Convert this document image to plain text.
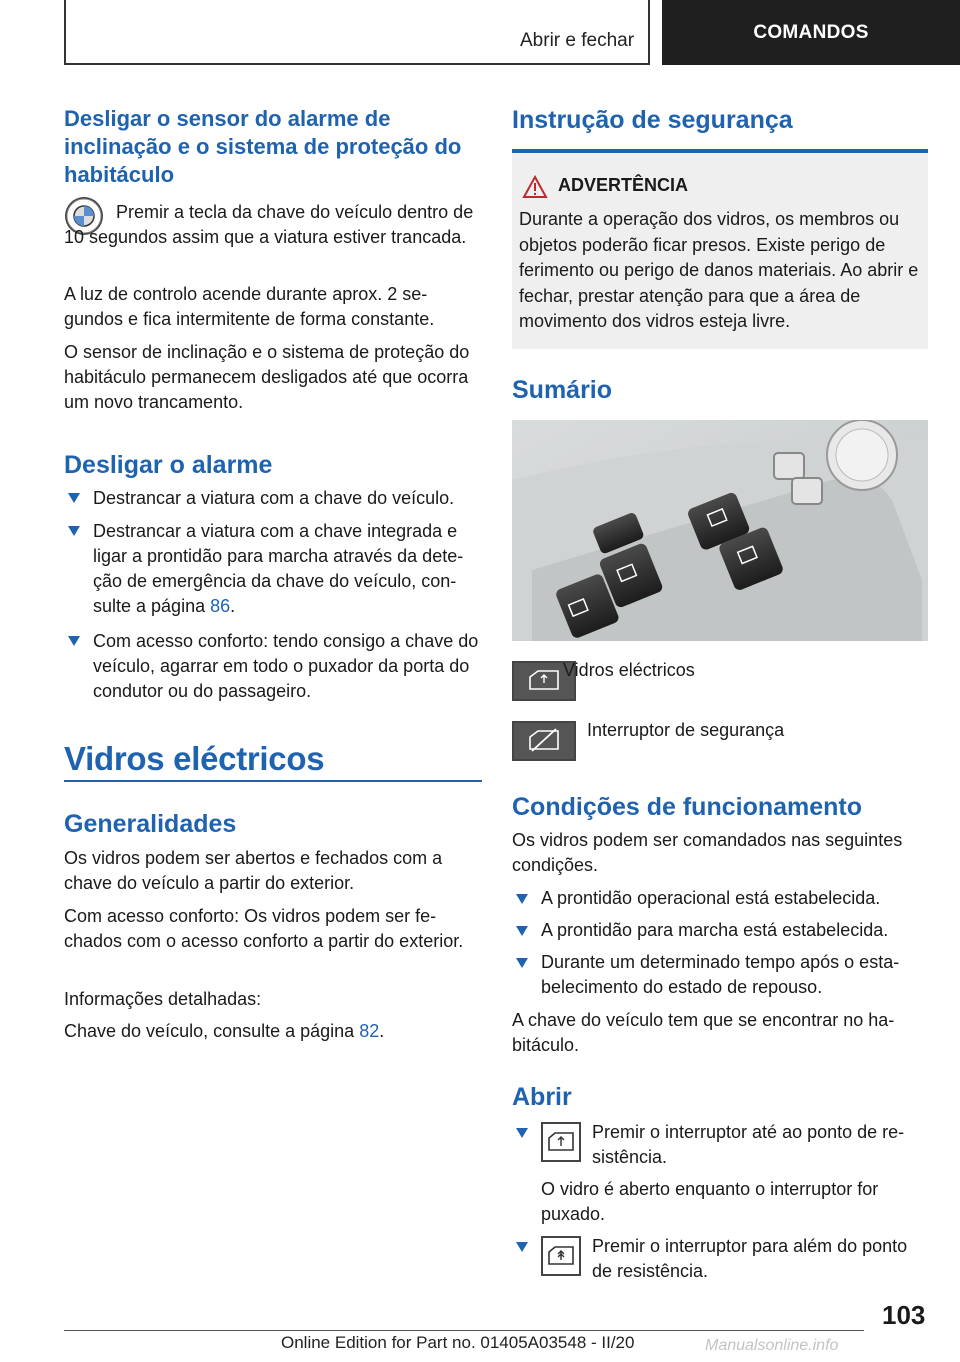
Abrir e fechar	COMANDOS
Desligar o sensor do alarme de inclinação e o sistema de proteção do habitáculo
Premir a tecla da chave do veículo dentro de 10 segundos assim que a viatura estiver trancada.
A luz de controlo acende durante aprox. 2 segundos e fica intermitente de forma constante.
O sensor de inclinação e o sistema de proteção do habitáculo permanecem desligados até que ocorra um novo trancamento.
Desligar o alarme
Destrancar a viatura com a chave do veículo.
Destrancar a viatura com a chave integrada e ligar a prontidão para marcha através da deteção de emergência da chave do veículo, consulte a página 86.
Com acesso conforto: tendo consigo a chave do veículo, agarrar em todo o puxador da porta do condutor ou do passageiro.
Vidros eléctricos
Generalidades
Os vidros podem ser abertos e fechados com a chave do veículo a partir do exterior.
Com acesso conforto: Os vidros podem ser fechados com o acesso conforto a partir do exterior.
Informações detalhadas:
Chave do veículo, consulte a página 82.
Instrução de segurança
ADVERTÊNCIA
Durante a operação dos vidros, os membros ou objetos poderão ficar presos. Existe perigo de ferimento ou perigo de danos materiais. Ao abrir e fechar, prestar atenção para que a área de movimento dos vidros esteja livre.
Sumário
Vidros eléctricos
Interruptor de segurança
Condições de funcionamento
Os vidros podem ser comandados nas seguintes condições.
A prontidão operacional está estabelecida.
A prontidão para marcha está estabelecida.
Durante um determinado tempo após o estabelecimento do estado de repouso.
A chave do veículo tem que se encontrar no habitáculo.
Abrir
Premir o interruptor até ao ponto de resistência.
O vidro é aberto enquanto o interruptor for puxado.
Premir o interruptor para além do ponto de resistência.
103
Online Edition for Part no. 01405A03548 - II/20	Manualsonline.info
